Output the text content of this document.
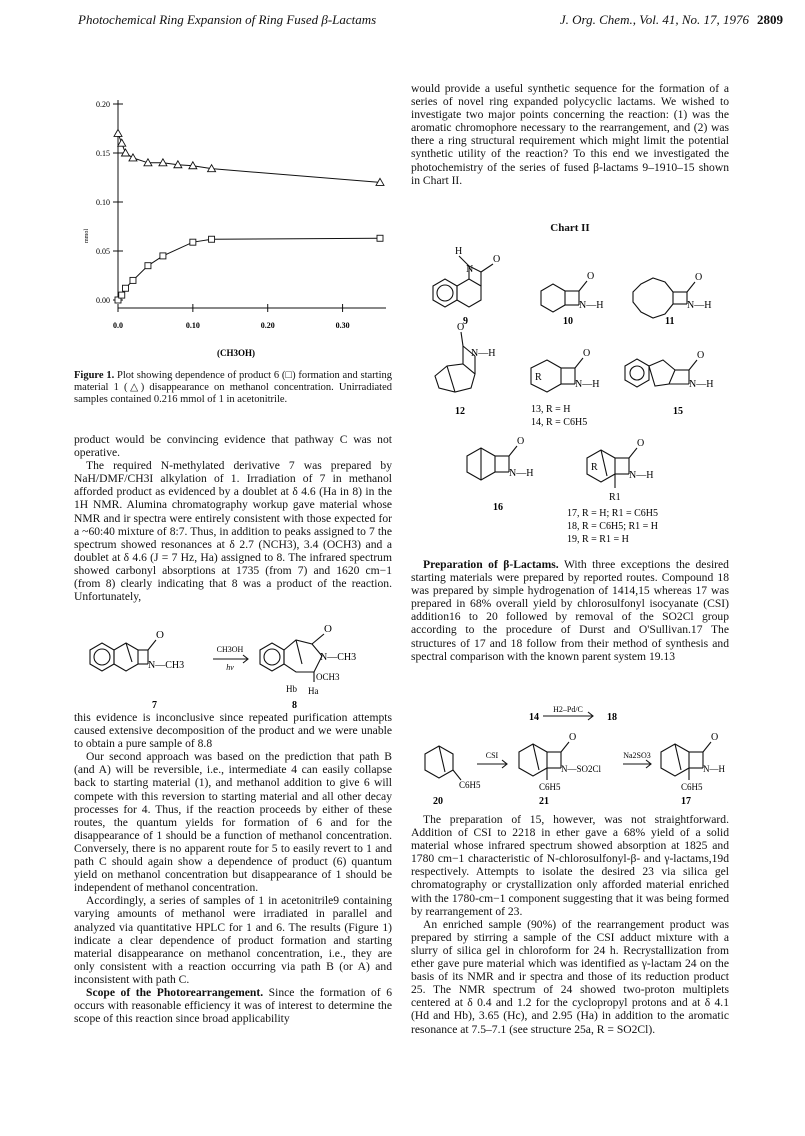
Photochemical Ring Expansion of Ring Fused β-Lactams	J. Org. Chem., Vol. 41, No. 17, 1976 2809
0.00
0.05
0.10
0.15
0.20
0.0	0.10	0.20	0.30
mmol
(CH3OH)

Figure 1. Plot showing dependence of product 6 (□) formation and starting material 1 (△) disappearance on methanol concentration. Unirradiated samples contained 0.216 mmol of 1 in acetonitrile.

product would be convincing evidence that pathway C was not operative.

The required N-methylated derivative 7 was prepared by NaH/DMF/CH3I alkylation of 1. Irradiation of 7 in methanol afforded product as evidenced by a doublet at δ 4.6 (Ha in 8) in the 1H NMR. Alumina chromatography workup gave material whose NMR and ir spectra were entirely consistent with those expected for a ~60:40 mixture of 8:7. Thus, in addition to peaks assigned to 7 the spectrum showed resonances at δ 2.7 (NCH3), 3.4 (OCH3) and a doublet at δ 4.6 (J = 7 Hz, Ha) assigned to 8. The infrared spectrum showed carbonyl absorptions at 1735 (from 7) and 1620 cm−1 (from 8) clearly indicating that 8 was a product of the reaction. Unfortunately,

O
N—CH3
CH3OH
hν
O
N—CH3
OCH3
Hb Ha
7	8

this evidence is inconclusive since repeated purification attempts caused extensive decomposition of the product and we were unable to obtain a pure sample of 8.8

Our second approach was based on the prediction that path B (and A) will be reversible, i.e., intermediate 4 can easily collapse back to starting material (1), and methanol addition to give 6 will compete with this reversion to starting material and all other decay processes for 4. Thus, if the reaction proceeds by either of these routes, the quantum yields for formation of 6 and for the disappearance of 1 should be a function of methanol concentration. Conversely, there is no apparent route for 5 to easily revert to 1 and path C should again show a dependence of product (6) quantum yield on methanol concentration but disappearance of 1 should be independent of methanol concentration.

Accordingly, a series of samples of 1 in acetonitrile9 containing varying amounts of methanol were irradiated in parallel and analyzed via quantitative HPLC for 1 and 6. The results (Figure 1) indicate a clear dependence of product formation and starting material disappearance on methanol concentration, i.e., they are only consistent with a reaction occurring via path B (or A) and inconsistent with path C.

Scope of the Photorearrangement. Since the formation of 6 occurs with reasonable efficiency it was of interest to determine the scope of this reaction since broad applicability

would provide a useful synthetic sequence for the formation of a series of novel ring expanded polycyclic lactams. We wished to investigate two major points concerning the reaction: (1) was the aromatic chromophore necessary to the rearrangement, and (2) was there a ring structural requirement which might limit the potential synthetic utility of the reaction? To this end we investigated the photochemistry of the series of fused β-lactams 9–1910–15 shown in Chart II.

Chart II
H
N
O
9
O
N—H
10
O
N—H
11
O
N—H
12
R
O
N—H
13, R = H
14, R = C6H5
O
N—H
15
O
N—H
16
R
O
N—H
R1
17, R = H; R1 = C6H5
18, R = C6H5; R1 = H
19, R = R1 = H

Preparation of β-Lactams. With three exceptions the desired starting materials were prepared by reported routes. Compound 18 was prepared by simple hydrogenation of 1414,15 whereas 17 was prepared in 68% overall yield by chlorosulfonyl isocyanate (CSI) addition16 to 20 followed by removal of the SO2Cl group according to the procedure of Durst and O'Sullivan.17 The structures of 17 and 18 follow from their method of synthesis and spectral comparison with the known parent system 19.13

14
H2–Pd/C
18
CSI	Na2SO3
C6H5
O
N—SO2Cl
C6H5
O
N—H
C6H5
20	21	17

The preparation of 15, however, was not straightforward. Addition of CSI to 2218 in ether gave a 68% yield of a solid material whose infrared spectrum showed absorption at 1825 and 1780 cm−1 characteristic of N-chlorosulfonyl-β- and γ-lactams,19d respectively. Attempts to isolate the desired 23 via silica gel chromatography or crystallization only afforded material enriched with the 1780-cm−1 component suggesting that it was being formed by rearrangement of 23.

An enriched sample (90%) of the rearrangement product was prepared by stirring a sample of the CSI adduct mixture with a slurry of silica gel in chloroform for 24 h. Recrystallization from ether gave pure material which was identified as γ-lactam 24 on the basis of its NMR and ir spectra and those of its reduction product 25. The NMR spectrum of 24 showed two-proton multiplets centered at δ 0.4 and 1.2 for the cyclopropyl protons and at δ 4.1 (Hd and Hb), 3.65 (Hc), and 2.95 (Ha) in addition to the aromatic resonance at 7.5–7.1 (see structure 25a, R = SO2Cl).
